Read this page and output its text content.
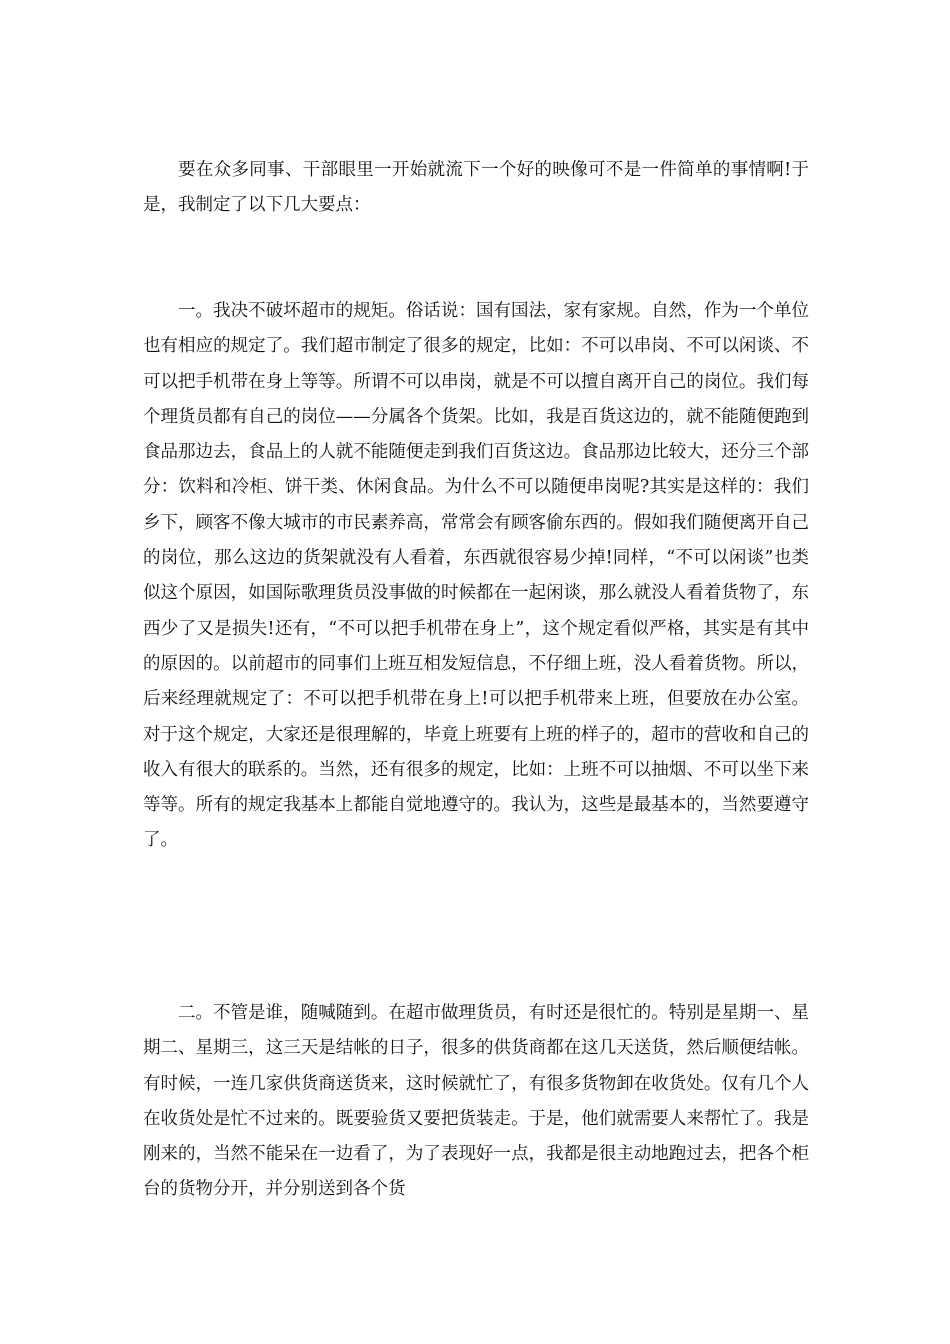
要在众多同事、干部眼里一开始就流下一个好的映像可不是一件简单的事情啊!于是，我制定了以下几大要点：

一。我决不破坏超市的规矩。俗话说：国有国法，家有家规。自然，作为一个单位也有相应的规定了。我们超市制定了很多的规定，比如：不可以串岗、不可以闲谈、不可以把手机带在身上等等。所谓不可以串岗，就是不可以擅自离开自己的岗位。我们每个理货员都有自己的岗位——分属各个货架。比如，我是百货这边的，就不能随便跑到食品那边去，食品上的人就不能随便走到我们百货这边。食品那边比较大，还分三个部分：饮料和冷柜、饼干类、休闲食品。为什么不可以随便串岗呢?其实是这样的：我们乡下，顾客不像大城市的市民素养高，常常会有顾客偷东西的。假如我们随便离开自己的岗位，那么这边的货架就没有人看着，东西就很容易少掉!同样，“不可以闲谈”也类似这个原因，如国际歌理货员没事做的时候都在一起闲谈，那么就没人看着货物了，东西少了又是损失!还有，“不可以把手机带在身上”，这个规定看似严格，其实是有其中的原因的。以前超市的同事们上班互相发短信息，不仔细上班，没人看着货物。所以，后来经理就规定了：不可以把手机带在身上!可以把手机带来上班，但要放在办公室。对于这个规定，大家还是很理解的，毕竟上班要有上班的样子的，超市的营收和自己的收入有很大的联系的。当然，还有很多的规定，比如：上班不可以抽烟、不可以坐下来等等。所有的规定我基本上都能自觉地遵守的。我认为，这些是最基本的，当然要遵守了。

二。不管是谁，随喊随到。在超市做理货员，有时还是很忙的。特别是星期一、星期二、星期三，这三天是结帐的日子，很多的供货商都在这几天送货，然后顺便结帐。有时候，一连几家供货商送货来，这时候就忙了，有很多货物卸在收货处。仅有几个人在收货处是忙不过来的。既要验货又要把货装走。于是，他们就需要人来帮忙了。我是刚来的，当然不能呆在一边看了，为了表现好一点，我都是很主动地跑过去，把各个柜台的货物分开，并分别送到各个货
